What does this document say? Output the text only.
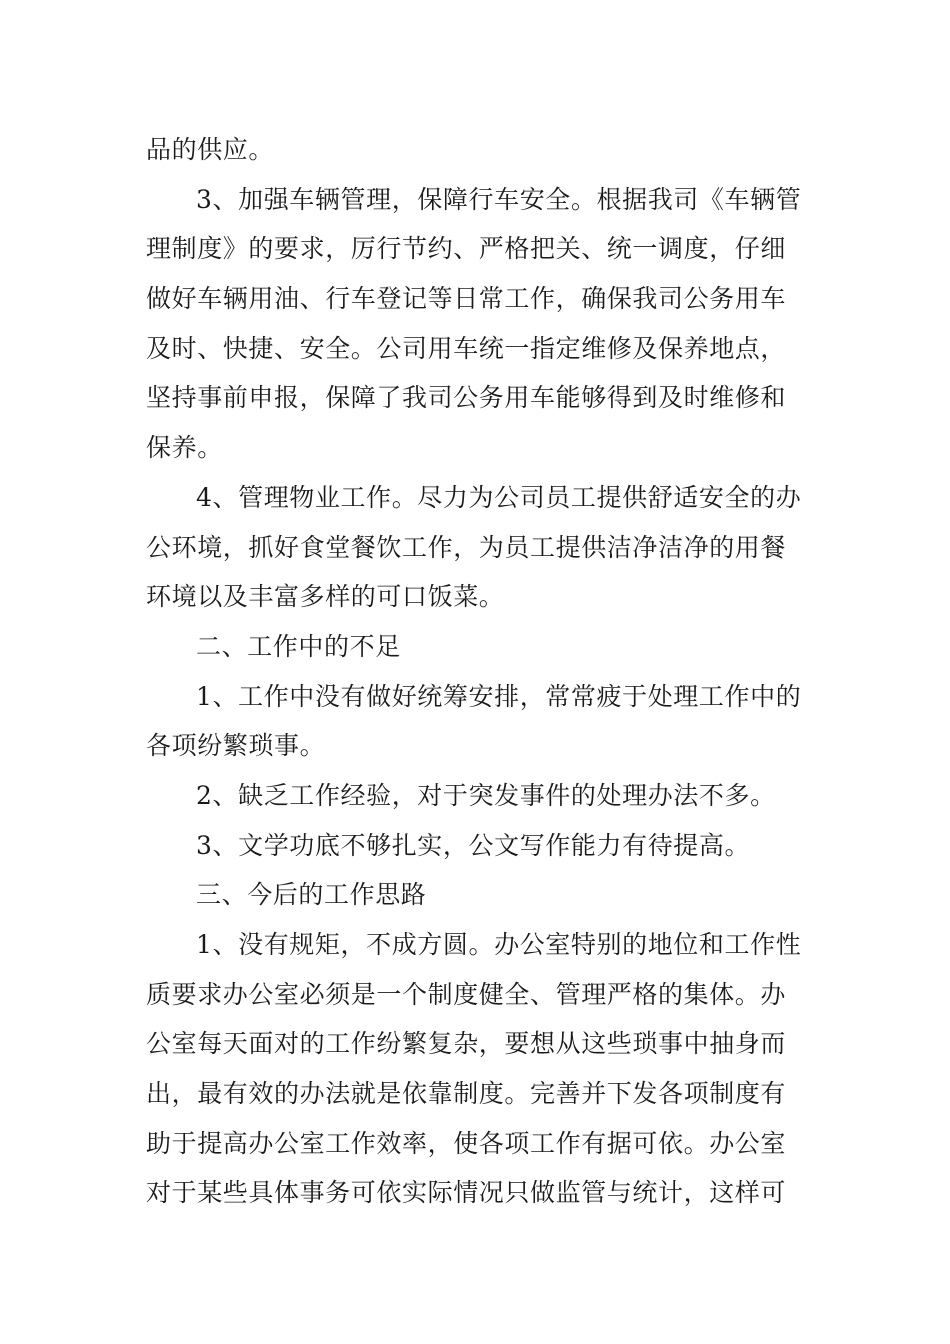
品的供应。
3、加强车辆管理，保障行车安全。根据我司《车辆管
理制度》的要求，厉行节约、严格把关、统一调度，仔细
做好车辆用油、行车登记等日常工作，确保我司公务用车
及时、快捷、安全。公司用车统一指定维修及保养地点，
坚持事前申报，保障了我司公务用车能够得到及时维修和
保养。
4、管理物业工作。尽力为公司员工提供舒适安全的办
公环境，抓好食堂餐饮工作，为员工提供洁净洁净的用餐
环境以及丰富多样的可口饭菜。
二、工作中的不足
1、工作中没有做好统筹安排，常常疲于处理工作中的
各项纷繁琐事。
2、缺乏工作经验，对于突发事件的处理办法不多。
3、文学功底不够扎实，公文写作能力有待提高。
三、今后的工作思路
1、没有规矩，不成方圆。办公室特别的地位和工作性
质要求办公室必须是一个制度健全、管理严格的集体。办
公室每天面对的工作纷繁复杂，要想从这些琐事中抽身而
出，最有效的办法就是依靠制度。完善并下发各项制度有
助于提高办公室工作效率，使各项工作有据可依。办公室
对于某些具体事务可依实际情况只做监管与统计，这样可
